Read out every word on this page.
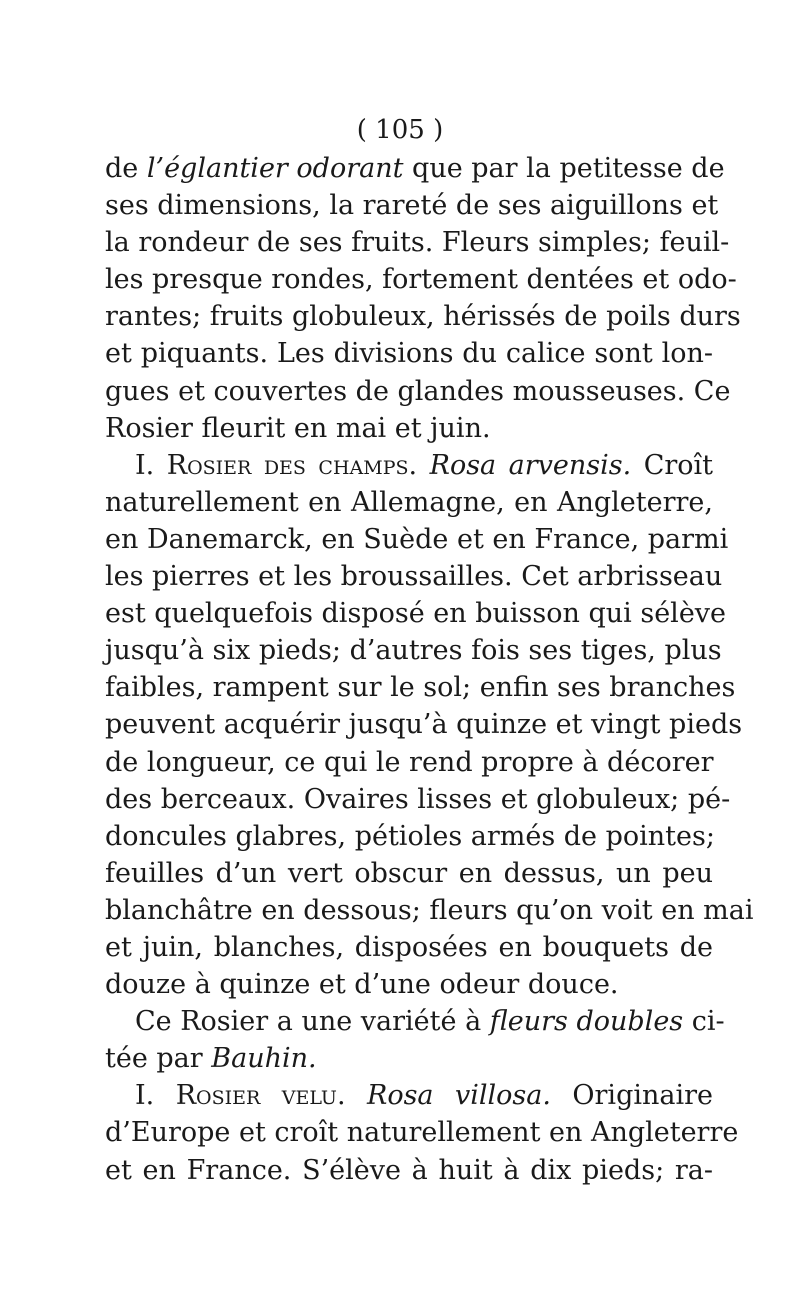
( 105 )
de l’églantier odorant que par la petitesse de
ses dimensions, la rareté de ses aiguillons et
la rondeur de ses fruits. Fleurs simples; feuil-
les presque rondes, fortement dentées et odo-
rantes; fruits globuleux, hérissés de poils durs
et piquants. Les divisions du calice sont lon-
gues et couvertes de glandes mousseuses. Ce
Rosier fleurit en mai et juin.
I. Rosier des champs. Rosa arvensis. Croît
naturellement en Allemagne, en Angleterre,
en Danemarck, en Suède et en France, parmi
les pierres et les broussailles. Cet arbrisseau
est quelquefois disposé en buisson qui sélève
jusqu’à six pieds; d’autres fois ses tiges, plus
faibles, rampent sur le sol; enfin ses branches
peuvent acquérir jusqu’à quinze et vingt pieds
de longueur, ce qui le rend propre à décorer
des berceaux. Ovaires lisses et globuleux; pé-
doncules glabres, pétioles armés de pointes;
feuilles d’un vert obscur en dessus, un peu
blanchâtre en dessous; fleurs qu’on voit en mai
et juin, blanches, disposées en bouquets de
douze à quinze et d’une odeur douce.
Ce Rosier a une variété à fleurs doubles ci-
tée par Bauhin.
I. Rosier velu. Rosa villosa. Originaire
d’Europe et croît naturellement en Angleterre
et en France. S’élève à huit à dix pieds; ra-
